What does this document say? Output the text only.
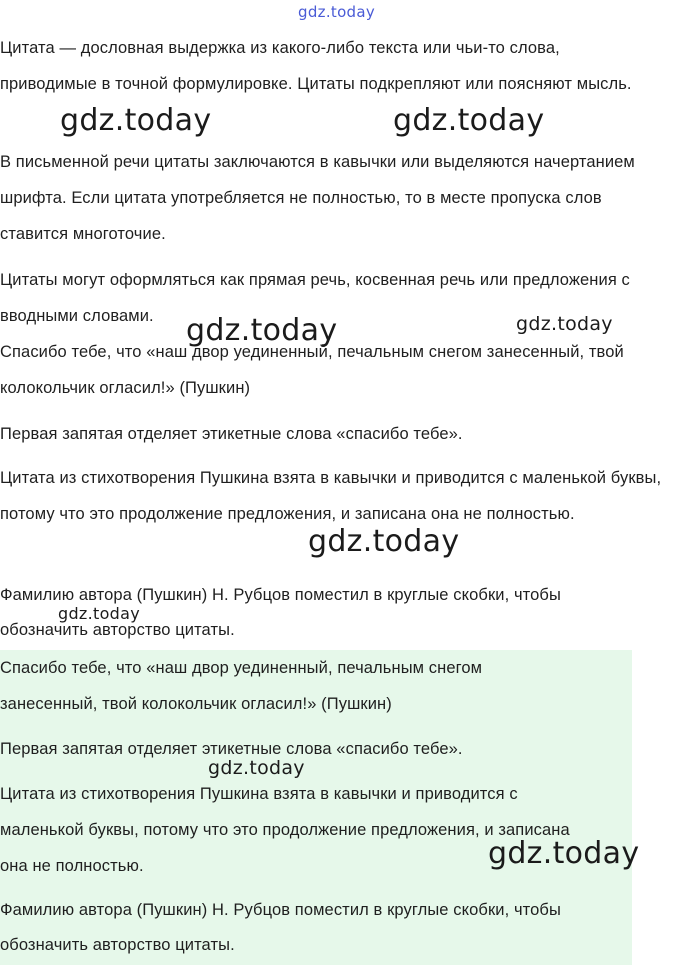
Цитата — дословная выдержка из какого-либо текста или чьи-то слова, приводимые в точной формулировке. Цитаты подкрепляют или поясняют мысль.

В письменной речи цитаты заключаются в кавычки или выделяются начертанием шрифта. Если цитата употребляется не полностью, то в месте пропуска слов ставится многоточие.

Цитаты могут оформляться как прямая речь, косвенная речь или предложения с вводными словами.

Спасибо тебе, что «наш двор уединенный, печальным снегом занесенный, твой колокольчик огласил!» (Пушкин)

Первая запятая отделяет этикетные слова «спасибо тебе».

Цитата из стихотворения Пушкина взята в кавычки и приводится с маленькой буквы, потому что это продолжение предложения, и записана она не полностью.

Фамилию автора (Пушкин) Н. Рубцов поместил в круглые скобки, чтобы обозначить авторство цитаты.

Спасибо тебе, что «наш двор уединенный, печальным снегом занесенный, твой колокольчик огласил!» (Пушкин)

Первая запятая отделяет этикетные слова «спасибо тебе».

Цитата из стихотворения Пушкина взята в кавычки и приводится с маленькой буквы, потому что это продолжение предложения, и записана она не полностью.

Фамилию автора (Пушкин) Н. Рубцов поместил в круглые скобки, чтобы обозначить авторство цитаты.

gdz.today
gdz.today	gdz.today
gdz.today	gdz.today
gdz.today
gdz.today
gdz.today
gdz.today
